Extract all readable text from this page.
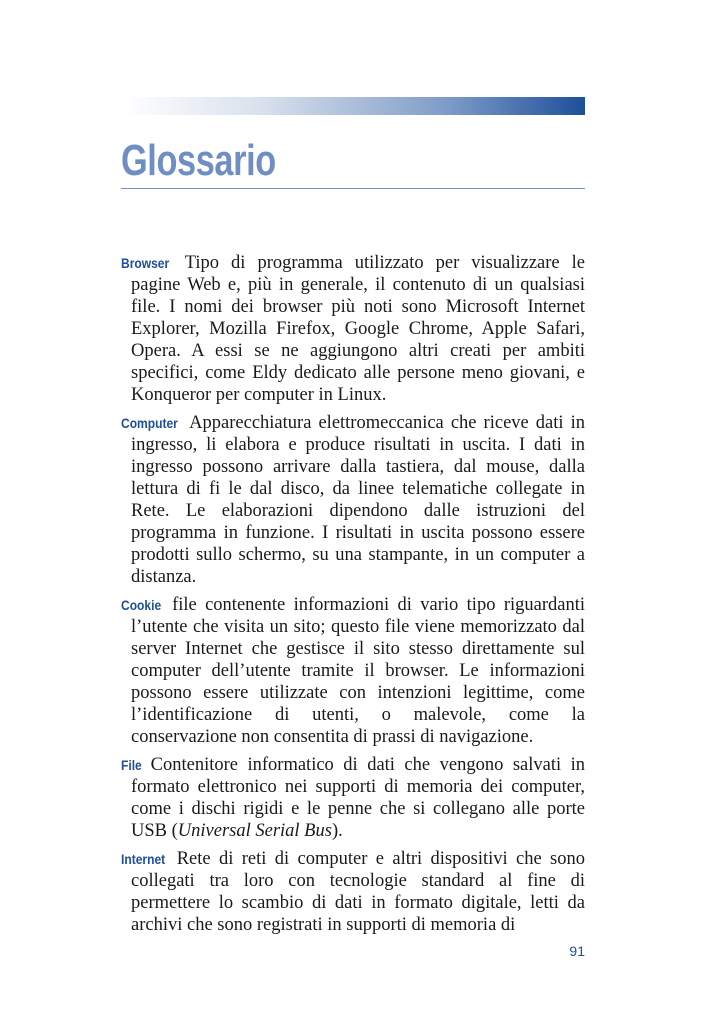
Glossario
Browser Tipo di programma utilizzato per visualizzare le pagine Web e, più in generale, il contenuto di un qualsiasi file. I nomi dei browser più noti sono Microsoft Internet Explorer, Mozilla Firefox, Google Chrome, Apple Safari, Opera. A essi se ne aggiungono altri creati per ambiti specifici, come Eldy dedicato alle persone meno giovani, e Konqueror per computer in Linux.
Computer Apparecchiatura elettromeccanica che riceve dati in ingresso, li elabora e produce risultati in uscita. I dati in ingresso possono arrivare dalla tastiera, dal mouse, dalla lettura di fi le dal disco, da linee telematiche collegate in Rete. Le elaborazioni dipendono dalle istruzioni del programma in funzione. I risultati in uscita possono essere prodotti sullo schermo, su una stampante, in un computer a distanza.
Cookie file contenente informazioni di vario tipo riguardanti l’utente che visita un sito; questo file viene memorizzato dal server Internet che gestisce il sito stesso direttamente sul computer dell’utente tramite il browser. Le informazioni possono essere utilizzate con intenzioni legittime, come l’identificazione di utenti, o malevole, come la conservazione non consentita di prassi di navigazione.
File Contenitore informatico di dati che vengono salvati in formato elettronico nei supporti di memoria dei computer, come i dischi rigidi e le penne che si collegano alle porte USB (Universal Serial Bus).
Internet Rete di reti di computer e altri dispositivi che sono collegati tra loro con tecnologie standard al fine di permettere lo scambio di dati in formato digitale, letti da archivi che sono registrati in supporti di memoria di
91
